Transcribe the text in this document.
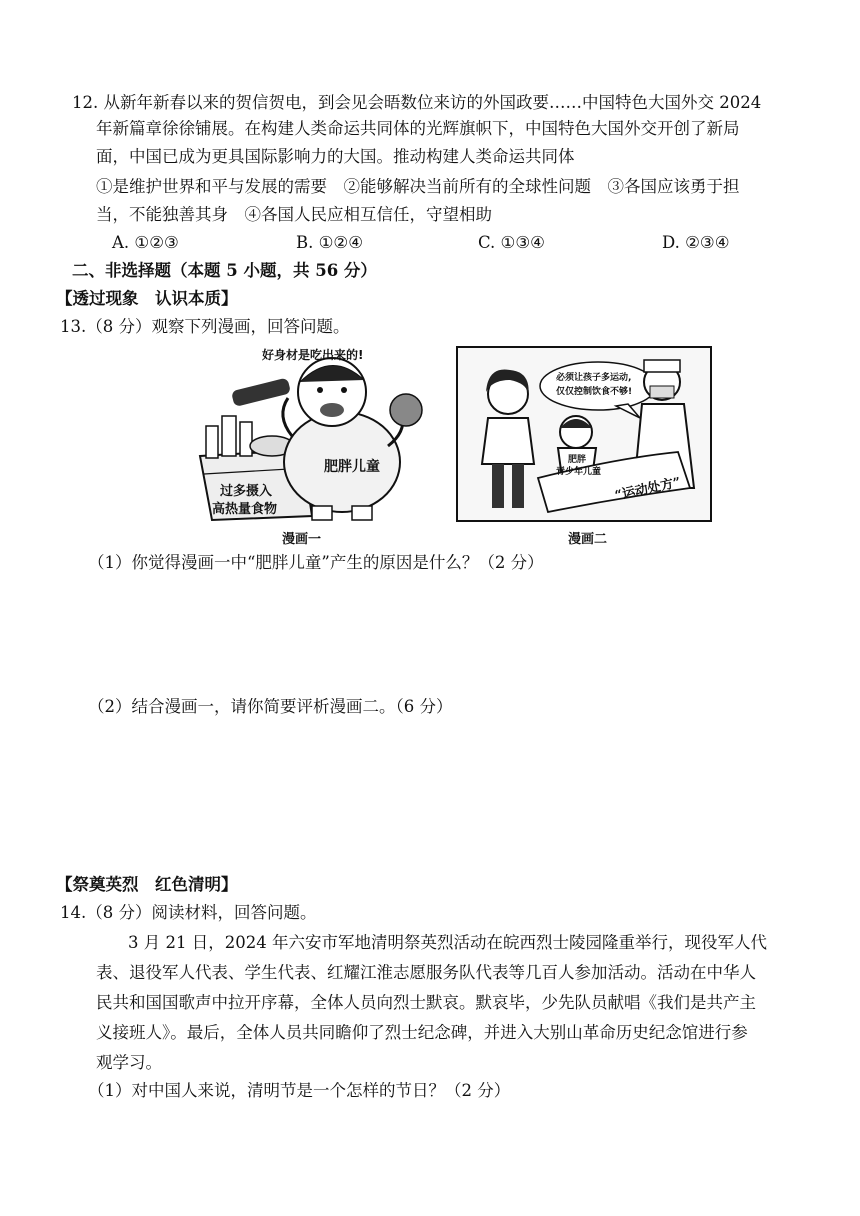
12. 从新年新春以来的贺信贺电，到会见会晤数位来访的外国政要……中国特色大国外交 2024
年新篇章徐徐铺展。在构建人类命运共同体的光辉旗帜下，中国特色大国外交开创了新局
面，中国已成为更具国际影响力的大国。推动构建人类命运共同体
①是维护世界和平与发展的需要　②能够解决当前所有的全球性问题　③各国应该勇于担
当，不能独善其身　④各国人民应相互信任，守望相助
A. ①②③	B. ①②④	C. ①③④	D. ②③④
二、非选择题（本题 5 小题，共 56 分）
【透过现象　认识本质】
13.（8 分）观察下列漫画，回答问题。
好身材是吃出来的!
肥胖儿童
过多摄入
高热量食物
漫画一
必须让孩子多运动,
仅仅控制饮食不够!
肥胖
青少年儿童
“运动处方”
漫画二
（1）你觉得漫画一中“肥胖儿童”产生的原因是什么？（2 分）
（2）结合漫画一，请你简要评析漫画二。（6 分）
【祭奠英烈　红色清明】
14.（8 分）阅读材料，回答问题。
3 月 21 日，2024 年六安市军地清明祭英烈活动在皖西烈士陵园隆重举行，现役军人代
表、退役军人代表、学生代表、红耀江淮志愿服务队代表等几百人参加活动。活动在中华人
民共和国国歌声中拉开序幕，全体人员向烈士默哀。默哀毕，少先队员献唱《我们是共产主
义接班人》。最后，全体人员共同瞻仰了烈士纪念碑，并进入大别山革命历史纪念馆进行参
观学习。
（1）对中国人来说，清明节是一个怎样的节日？（2 分）
